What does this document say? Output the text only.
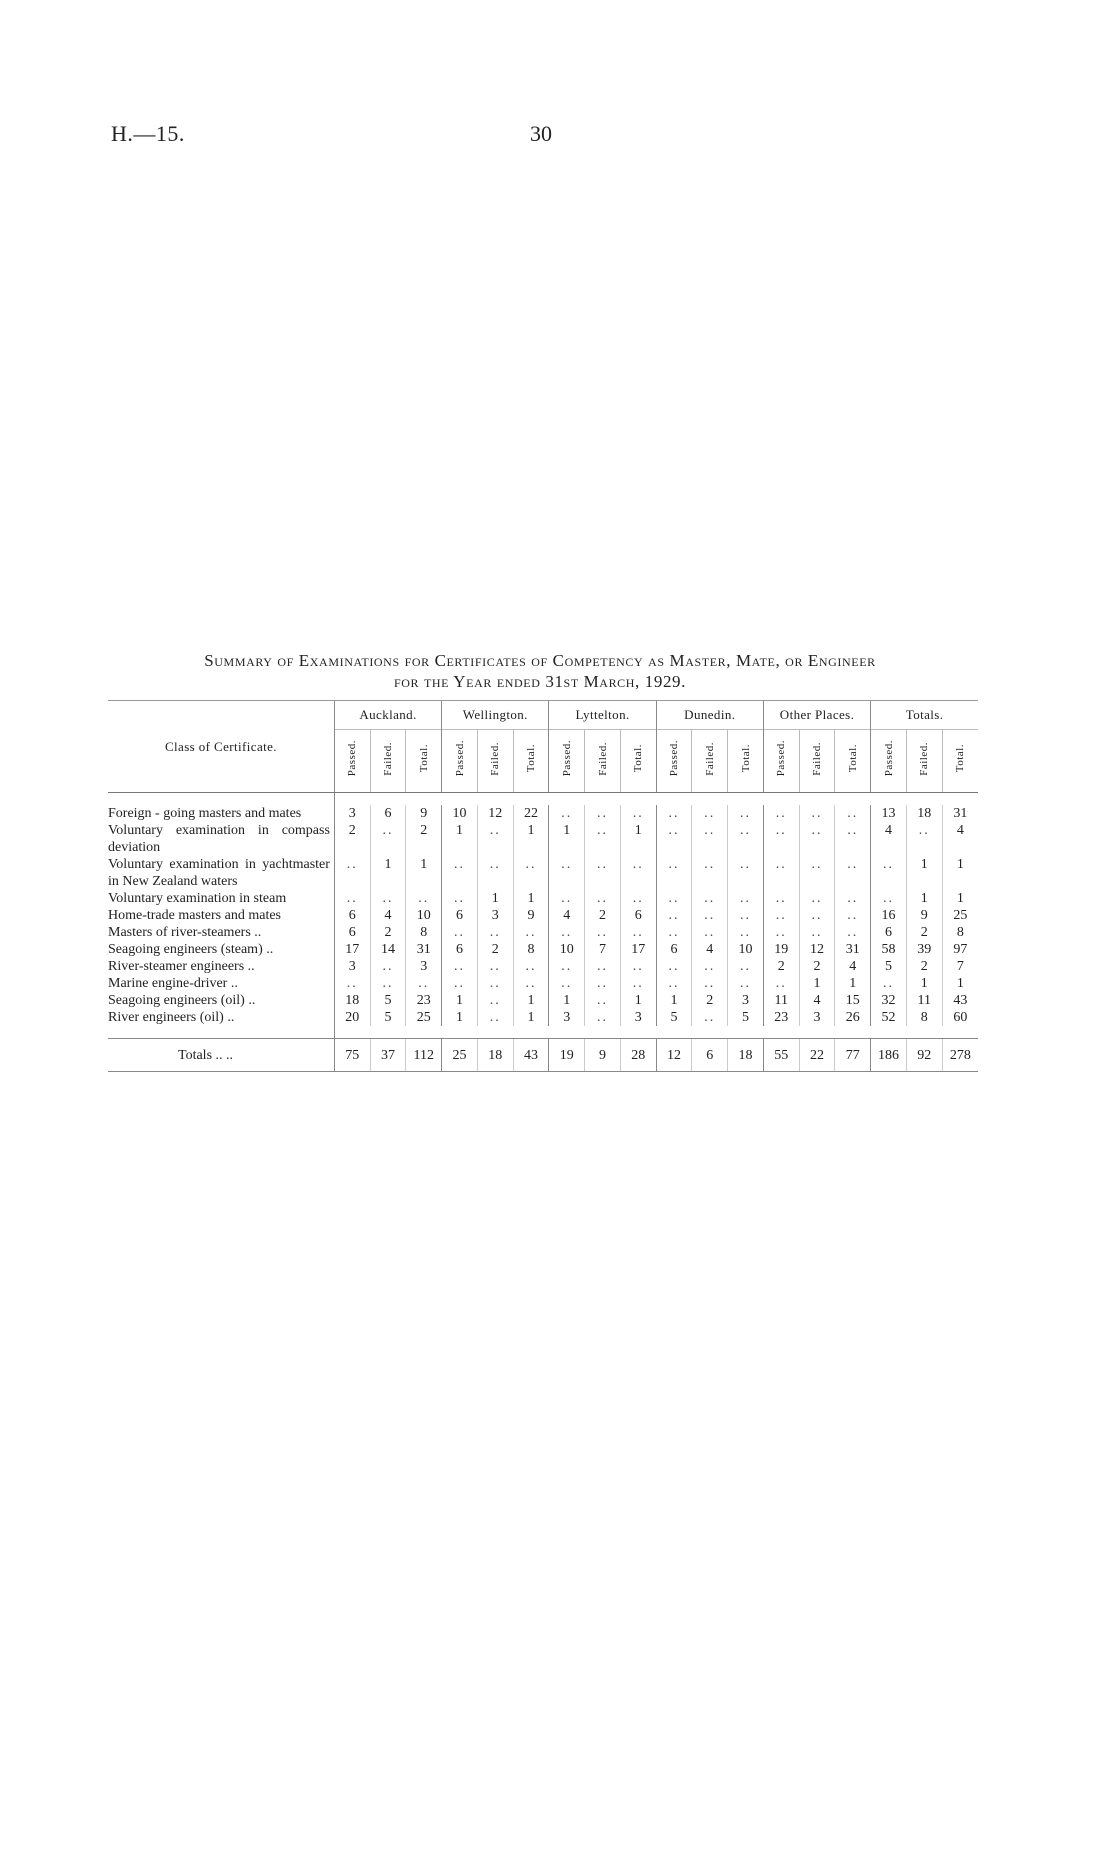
H.—15.	30
Summary of Examinations for Certificates of Competency as Master, Mate, or Engineer
for the Year ended 31st March, 1929.

Class of Certificate.	Auckland.			Wellington.			Lyttelton.			Dunedin.			Other Places.			Totals.		
	Passed.	Failed.	Total.	Passed.	Failed.	Total.	Passed.	Failed.	Total.	Passed.	Failed.	Total.	Passed.	Failed.	Total.	Passed.	Failed.	Total.

Foreign - going masters and mates	3	6	9	10	12	22	..	..	..	..	..	..	..	..	..	13	18	31
Voluntary examination in compass deviation	2	..	2	1	..	1	1	..	1	..	..	..	..	..	..	4	..	4
Voluntary examination in yachtmaster in New Zealand waters	..	1	1	..	..	..	..	..	..	..	..	..	..	..	..	..	1	1
Voluntary examination in steam	..	..	..	..	1	1	..	..	..	..	..	..	..	..	..	..	1	1
Home-trade masters and mates	6	4	10	6	3	9	4	2	6	..	..	..	..	..	..	16	9	25
Masters of river-steamers ..	6	2	8	..	..	..	..	..	..	..	..	..	..	..	..	6	2	8
Seagoing engineers (steam) ..	17	14	31	6	2	8	10	7	17	6	4	10	19	12	31	58	39	97
River-steamer engineers ..	3	..	3	..	..	..	..	..	..	..	..	..	2	2	4	5	2	7
Marine engine-driver ..	..	..	..	..	..	..	..	..	..	..	..	..	..	1	1	..	1	1
Seagoing engineers (oil) ..	18	5	23	1	..	1	1	..	1	1	2	3	11	4	15	32	11	43
River engineers (oil) ..	20	5	25	1	..	1	3	..	3	5	..	5	23	3	26	52	8	60

Totals .. ..	75	37	112	25	18	43	19	9	28	12	6	18	55	22	77	186	92	278
